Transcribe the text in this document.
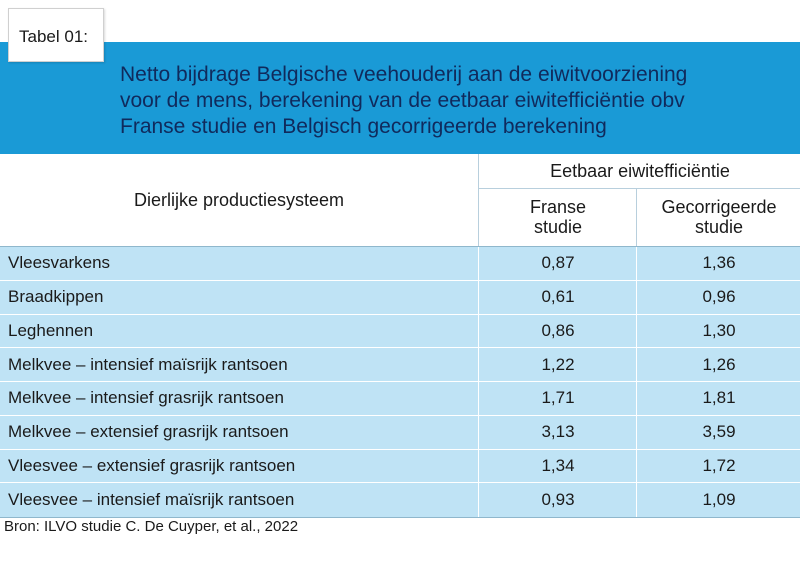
Tabel 01:
Netto bijdrage Belgische veehouderij aan de eiwitvoorziening
voor de mens, berekening van de eetbaar eiwitefficiëntie obv
Franse studie en Belgisch gecorrigeerde berekening
Dierlijke productiesysteem
Eetbaar eiwitefficiëntie
Franse
studie
Gecorrigeerde
studie
Vleesvarkens	0,87	1,36
Braadkippen	0,61	0,96
Leghennen	0,86	1,30
Melkvee – intensief maïsrijk rantsoen	1,22	1,26
Melkvee – intensief grasrijk rantsoen	1,71	1,81
Melkvee – extensief grasrijk rantsoen	3,13	3,59
Vleesvee – extensief grasrijk rantsoen	1,34	1,72
Vleesvee – intensief maïsrijk rantsoen	0,93	1,09
Bron: ILVO studie C. De Cuyper, et al., 2022
